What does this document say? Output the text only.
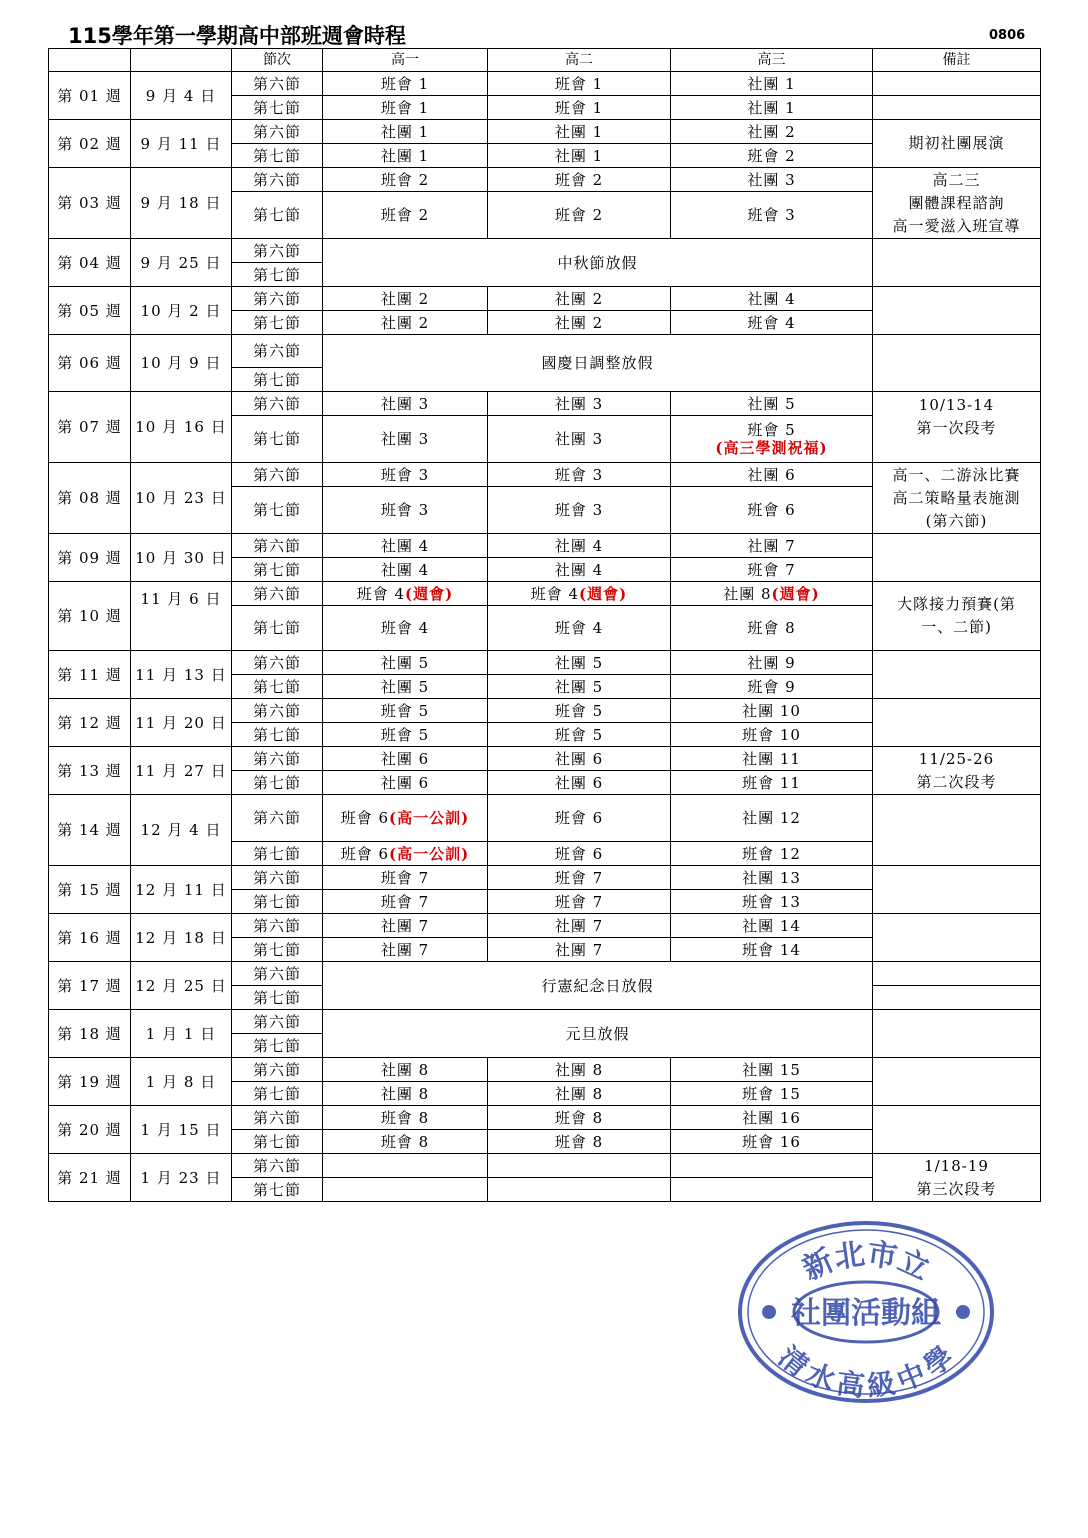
115學年第一學期高中部班週會時程	0806
		節次	高一	高二	高三	備註
第 01 週	9 月 4 日	第六節	班會 1	班會 1	社團 1	
		第七節	班會 1	班會 1	社團 1	
第 02 週	9 月 11 日	第六節	社團 1	社團 1	社團 2	期初社團展演

		第七節	社團 1	社團 1	班會 2	
第 03 週	9 月 18 日	第六節	班會 2	班會 2	社團 3	高二三
團體課程諮詢
高一愛滋入班宣導

		第七節	班會 2	班會 2	班會 3	
第 04 週	9 月 25 日	第六節	中秋節放假			

		第七節				
第 05 週	10 月 2 日	第六節	社團 2	社團 2	社團 4	

		第七節	社團 2	社團 2	班會 4	
第 06 週	10 月 9 日	第六節	國慶日調整放假			

		第七節				
第 07 週	10 月 16 日	第六節	社團 3	社團 3	社團 5	10/13-14
第一次段考

		第七節	社團 3	社團 3	班會 5
(高三學測祝福)	

第 08 週	10 月 23 日	第六節	班會 3	班會 3	社團 6	高一、二游泳比賽
高二策略量表施測
(第六節)

		第七節	班會 3	班會 3	班會 6	
第 09 週	10 月 30 日	第六節	社團 4	社團 4	社團 7	

		第七節	社團 4	社團 4	班會 7	
第 10 週	11 月 6 日	第六節	班會 4(週會)	班會 4(週會)	社團 8(週會)	大隊接力預賽(第
一、二節)

		第七節	班會 4	班會 4	班會 8	
第 11 週	11 月 13 日	第六節	社團 5	社團 5	社團 9	

		第七節	社團 5	社團 5	班會 9	
第 12 週	11 月 20 日	第六節	班會 5	班會 5	社團 10	

		第七節	班會 5	班會 5	班會 10	
第 13 週	11 月 27 日	第六節	社團 6	社團 6	社團 11	11/25-26
第二次段考

		第七節	社團 6	社團 6	班會 11	
第 14 週	12 月 4 日	第六節	班會 6(高一公訓)	班會 6	社團 12	

		第七節	班會 6(高一公訓)	班會 6	班會 12	
第 15 週	12 月 11 日	第六節	班會 7	班會 7	社團 13	

		第七節	班會 7	班會 7	班會 13	
第 16 週	12 月 18 日	第六節	社團 7	社團 7	社團 14	

		第七節	社團 7	社團 7	班會 14	
第 17 週	12 月 25 日	第六節	行憲紀念日放假			
		第七節				
第 18 週	1 月 1 日	第六節	元旦放假			

		第七節				
第 19 週	1 月 8 日	第六節	社團 8	社團 8	社團 15	

		第七節	社團 8	社團 8	班會 15	
第 20 週	1 月 15 日	第六節	班會 8	班會 8	社團 16	

		第七節	班會 8	班會 8	班會 16	
第 21 週	1 月 23 日	第六節				1/18-19
第三次段考

		第七節				
新北市立
清水高級中學
社團活動組
